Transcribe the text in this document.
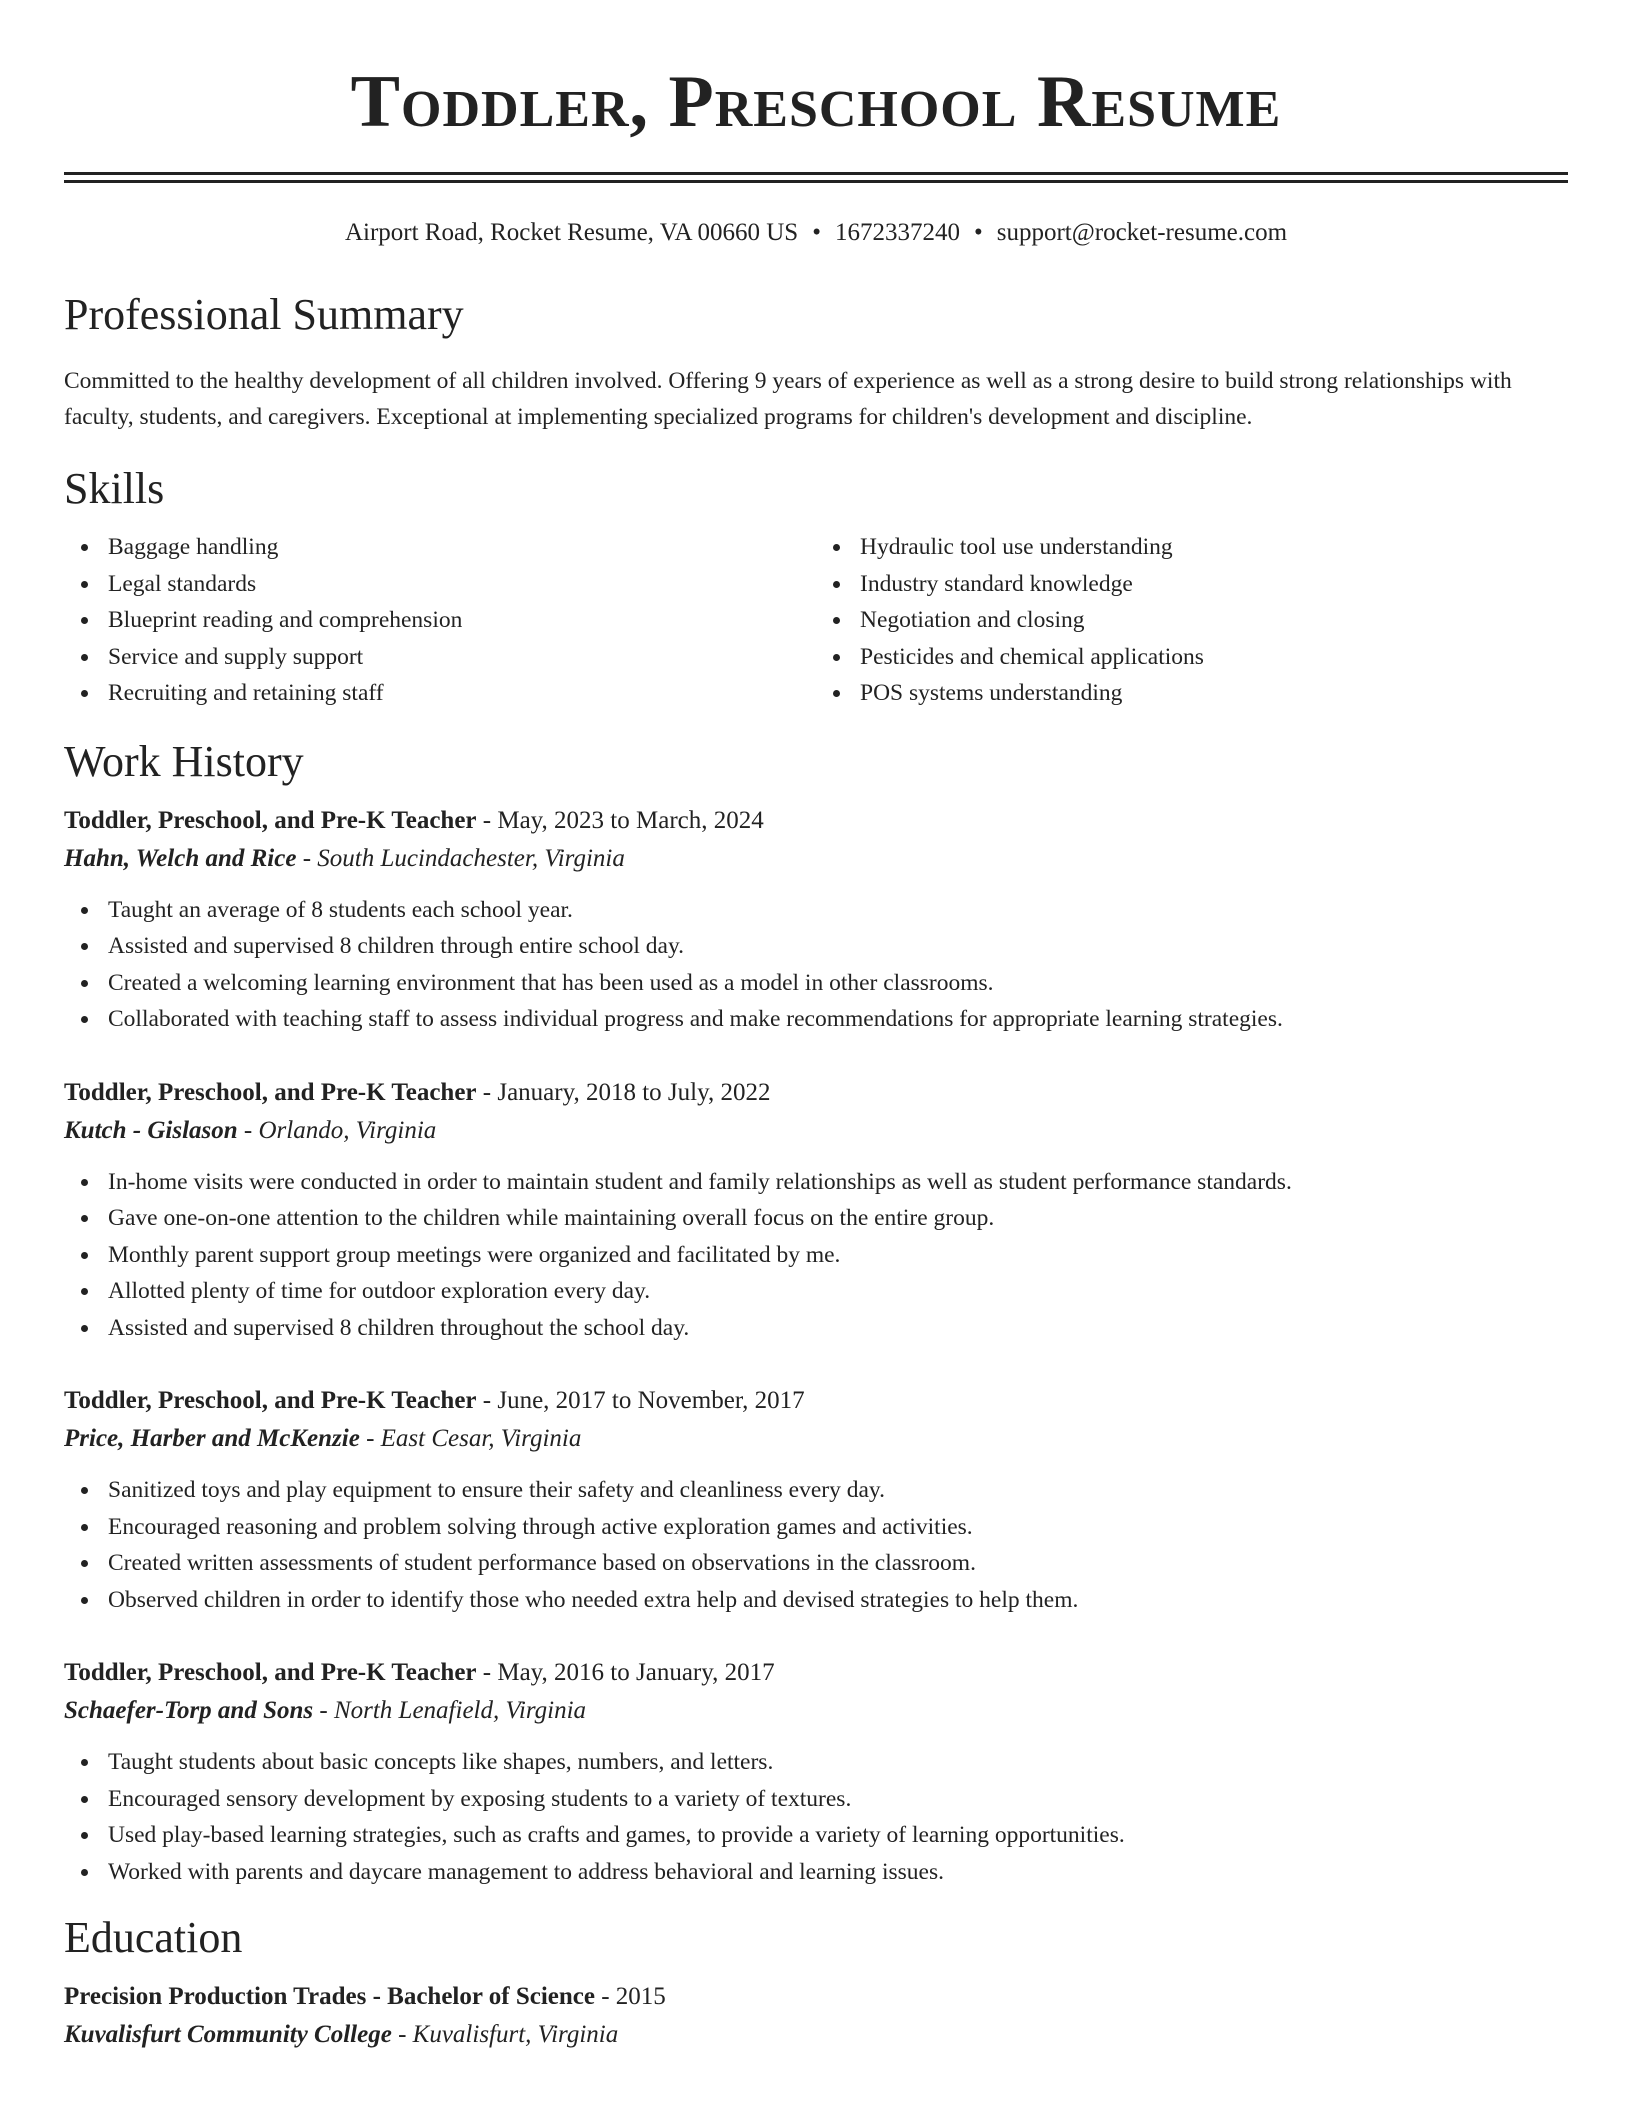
Toddler, Preschool Resume
Airport Road, Rocket Resume, VA 00660 US • 1672337240 • support@rocket-resume.com
Professional Summary

Committed to the healthy development of all children involved. Offering 9 years of experience as well as a strong desire to build strong relationships with faculty, students, and caregivers. Exceptional at implementing specialized programs for children's development and discipline.

Skills
Baggage handling
Legal standards
Blueprint reading and comprehension
Service and supply support
Recruiting and retaining staff
Hydraulic tool use understanding
Industry standard knowledge
Negotiation and closing
Pesticides and chemical applications
POS systems understanding
Work History
Toddler, Preschool, and Pre-K Teacher - May, 2023 to March, 2024
Hahn, Welch and Rice - South Lucindachester, Virginia
Taught an average of 8 students each school year.
Assisted and supervised 8 children through entire school day.
Created a welcoming learning environment that has been used as a model in other classrooms.
Collaborated with teaching staff to assess individual progress and make recommendations for appropriate learning strategies.
Toddler, Preschool, and Pre-K Teacher - January, 2018 to July, 2022
Kutch - Gislason - Orlando, Virginia
In-home visits were conducted in order to maintain student and family relationships as well as student performance standards.
Gave one-on-one attention to the children while maintaining overall focus on the entire group.
Monthly parent support group meetings were organized and facilitated by me.
Allotted plenty of time for outdoor exploration every day.
Assisted and supervised 8 children throughout the school day.
Toddler, Preschool, and Pre-K Teacher - June, 2017 to November, 2017
Price, Harber and McKenzie - East Cesar, Virginia
Sanitized toys and play equipment to ensure their safety and cleanliness every day.
Encouraged reasoning and problem solving through active exploration games and activities.
Created written assessments of student performance based on observations in the classroom.
Observed children in order to identify those who needed extra help and devised strategies to help them.
Toddler, Preschool, and Pre-K Teacher - May, 2016 to January, 2017
Schaefer-Torp and Sons - North Lenafield, Virginia
Taught students about basic concepts like shapes, numbers, and letters.
Encouraged sensory development by exposing students to a variety of textures.
Used play-based learning strategies, such as crafts and games, to provide a variety of learning opportunities.
Worked with parents and daycare management to address behavioral and learning issues.
Education
Precision Production Trades - Bachelor of Science - 2015
Kuvalisfurt Community College - Kuvalisfurt, Virginia
